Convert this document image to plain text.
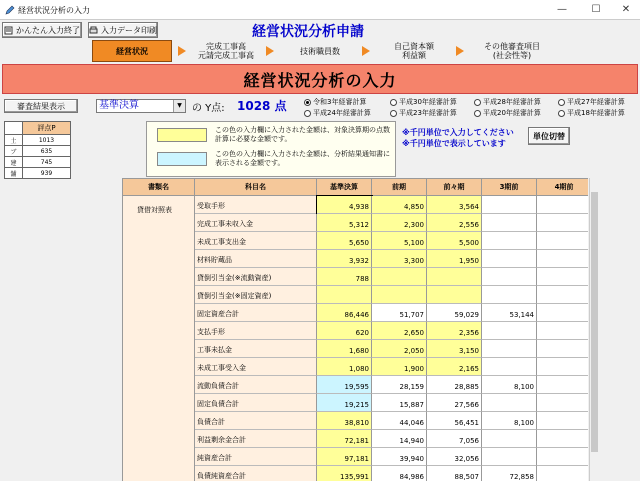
経営状況分析の入力	—	☐	✕
かんたん入力終了	入力データ印刷	経営状況分析申請
経営状況	完成工事高
元請完成工事高	技術職員数	自己資本額
利益額
その他審査項目
(社会性等)
経営状況分析の入力
審査結果表示	基準決算	▼	の Y点: 1028 点	令和3年経審計算	平成30年経審計算	平成28年経審計算	平成27年経審計算
平成24年経審計算	平成23年経審計算	平成20年経審計算	平成18年経審計算
	評点P
土	1013
ブ	635
建	745
舗	939
この色の入力欄に入力された金額は、対象決算期の点数計算に必要な金額です。
この色の入力欄に入力された金額は、分析結果通知書に表示される金額です。
※千円単位で入力してください
※千円単位で表示しています
単位切替
書類名	科目名	基準決算	前期	前々期	3期前	4期前
貸借対照表	受取手形	4,938	4,850	3,564
完成工事未収入金	5,312	2,300	2,556
未成工事支出金	5,650	5,100	5,500
材料貯蔵品	3,932	3,300	1,950
貸倒引当金(※流動資産)	788
貸倒引当金(※固定資産)
固定資産合計	86,446	51,707	59,029	53,144
支払手形	620	2,650	2,356
工事未払金	1,680	2,050	3,150
未成工事受入金	1,080	1,900	2,165
流動負債合計	19,595	28,159	28,885	8,100
固定負債合計	19,215	15,887	27,566
負債合計	38,810	44,046	56,451	8,100
利益剰余金合計	72,181	14,940	7,056
純資産合計	97,181	39,940	32,056
負債純資産合計	135,991	84,986	88,507	72,858
